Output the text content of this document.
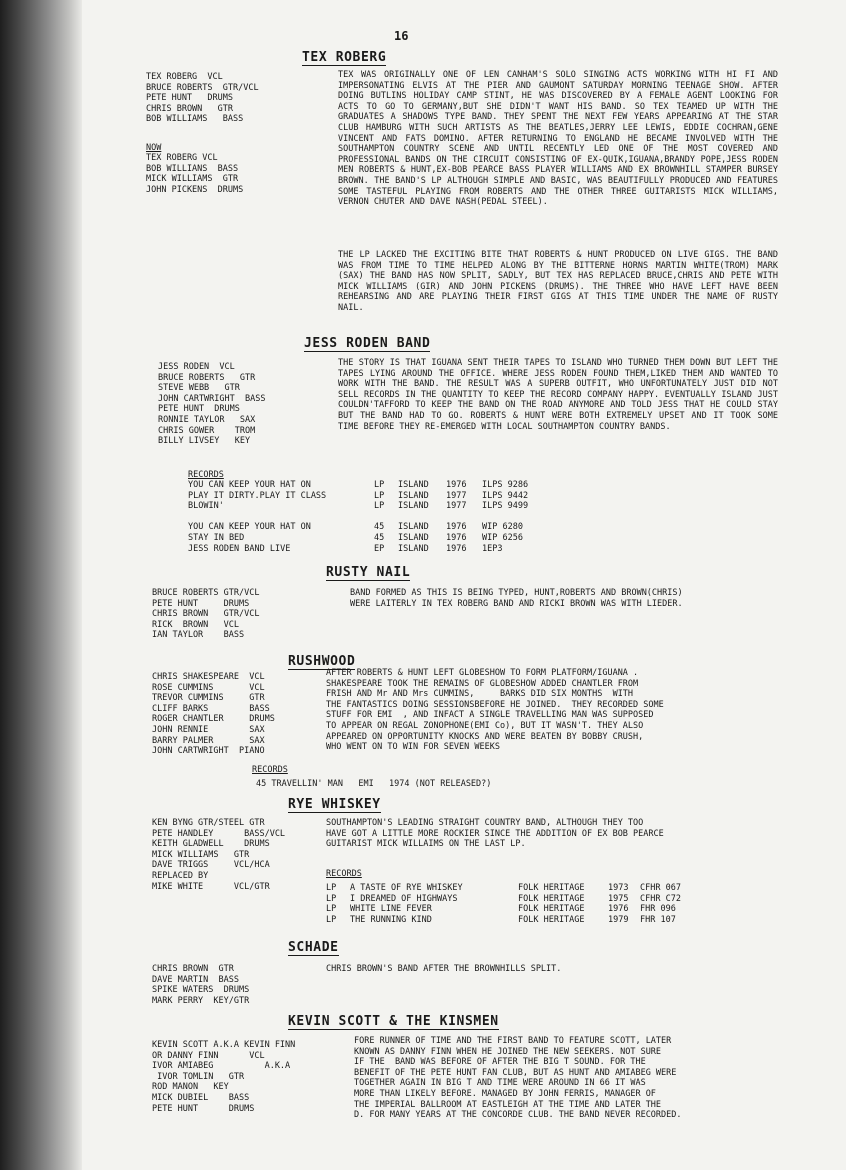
16
TEX ROBERG
TEX ROBERG  VCL
BRUCE ROBERTS  GTR/VCL
PETE HUNT   DRUMS
CHRIS BROWN   GTR
BOB WILLIAMS   BASS
NOW
TEX ROBERG VCL
BOB WILLIANS  BASS
MICK WILLIAMS  GTR
JOHN PICKENS  DRUMS

TEX WAS ORIGINALLY ONE OF LEN CANHAM'S SOLO SINGING ACTS WORKING WITH HI FI AND IMPERSONATING ELVIS AT THE PIER AND GAUMONT SATURDAY MORNING TEENAGE SHOW. AFTER DOING BUTLINS HOLIDAY CAMP STINT, HE WAS DISCOVERED BY A FEMALE AGENT LOOKING FOR ACTS TO GO TO GERMANY,BUT SHE DIDN'T WANT HIS BAND. SO TEX TEAMED UP WITH THE GRADUATES A SHADOWS TYPE BAND. THEY SPENT THE NEXT FEW YEARS APPEARING AT THE STAR CLUB HAMBURG WITH SUCH ARTISTS AS THE BEATLES,JERRY LEE LEWIS, EDDIE COCHRAN,GENE VINCENT AND FATS DOMINO. AFTER RETURNING TO ENGLAND HE BECAME INVOLVED WITH THE SOUTHAMPTON COUNTRY SCENE AND UNTIL RECENTLY LED ONE OF THE MOST COVERED AND PROFESSIONAL BANDS ON THE CIRCUIT CONSISTING OF EX-QUIK,IGUANA,BRANDY POPE,JESS RODEN MEN ROBERTS & HUNT,EX-BOB PEARCE BASS PLAYER WILLIAMS AND EX BROWNHILL STAMPER BURSEY BROWN. THE BAND'S LP ALTHOUGH SIMPLE AND BASIC, WAS BEAUTIFULLY PRODUCED AND FEATURES SOME TASTEFUL PLAYING FROM ROBERTS AND THE OTHER THREE GUITARISTS MICK WILLIAMS, VERNON CHUTER AND DAVE NASH(PEDAL STEEL).

THE LP LACKED THE EXCITING BITE THAT ROBERTS & HUNT PRODUCED ON LIVE GIGS. THE BAND WAS FROM TIME TO TIME HELPED ALONG BY THE BITTERNE HORNS MARTIN WHITE(TROM) MARK (SAX) THE BAND HAS NOW SPLIT, SADLY, BUT TEX HAS REPLACED BRUCE,CHRIS AND PETE WITH MICK WILLIAMS (GIR) AND JOHN PICKENS (DRUMS). THE THREE WHO HAVE LEFT HAVE BEEN REHEARSING AND ARE PLAYING THEIR FIRST GIGS AT THIS TIME UNDER THE NAME OF RUSTY NAIL.

JESS RODEN BAND
JESS RODEN  VCL
BRUCE ROBERTS   GTR
STEVE WEBB   GTR
JOHN CARTWRIGHT  BASS
PETE HUNT  DRUMS
RONNIE TAYLOR   SAX
CHRIS GOWER    TROM
BILLY LIVSEY   KEY

THE STORY IS THAT IGUANA SENT THEIR TAPES TO ISLAND WHO TURNED THEM DOWN BUT LEFT THE TAPES LYING AROUND THE OFFICE. WHERE JESS RODEN FOUND THEM,LIKED THEM AND WANTED TO WORK WITH THE BAND. THE RESULT WAS A SUPERB OUTFIT, WHO UNFORTUNATELY JUST DID NOT SELL RECORDS IN THE QUANTITY TO KEEP THE RECORD COMPANY HAPPY. EVENTUALLY ISLAND JUST COULDN'TAFFORD TO KEEP THE BAND ON THE ROAD ANYMORE AND TOLD JESS THAT HE COULD STAY BUT THE BAND HAD TO GO. ROBERTS & HUNT WERE BOTH EXTREMELY UPSET AND IT TOOK SOME TIME BEFORE THEY RE-EMERGED WITH LOCAL SOUTHAMPTON COUNTRY BANDS.

RECORDS
YOU CAN KEEP YOUR HAT ON	LP	ISLAND	1976	ILPS 9286
PLAY IT DIRTY.PLAY IT CLASS	LP	ISLAND	1977	ILPS 9442
BLOWIN'	LP	ISLAND	1977	ILPS 9499
YOU CAN KEEP YOUR HAT ON	45	ISLAND	1976	WIP 6280
STAY IN BED	45	ISLAND	1976	WIP 6256
JESS RODEN BAND LIVE	EP	ISLAND	1976	1EP3
RUSTY NAIL
BRUCE ROBERTS GTR/VCL
PETE HUNT     DRUMS
CHRIS BROWN   GTR/VCL
RICK  BROWN   VCL
IAN TAYLOR    BASS
BAND FORMED AS THIS IS BEING TYPED, HUNT,ROBERTS AND BROWN(CHRIS)
WERE LAITERLY IN TEX ROBERG BAND AND RICKI BROWN WAS WITH LIEDER.
RUSHWOOD
CHRIS SHAKESPEARE  VCL
ROSE CUMMINS       VCL
TREVOR CUMMINS     GTR
CLIFF BARKS        BASS
ROGER CHANTLER     DRUMS
JOHN RENNIE        SAX
BARRY PALMER       SAX
JOHN CARTWRIGHT  PIANO
AFTER ROBERTS & HUNT LEFT GLOBESHOW TO FORM PLATFORM/IGUANA .
SHAKESPEARE TOOK THE REMAINS OF GLOBESHOW ADDED CHANTLER FROM
FRISH AND Mr AND Mrs CUMMINS,     BARKS DID SIX MONTHS  WITH
THE FANTASTICS DOING SESSIONSBEFORE HE JOINED.  THEY RECORDED SOME
STUFF FOR EMI  , AND INFACT A SINGLE TRAVELLING MAN WAS SUPPOSED
TO APPEAR ON REGAL ZONOPHONE(EMI Co), BUT IT WASN'T. THEY ALSO
APPEARED ON OPPORTUNITY KNOCKS AND WERE BEATEN BY BOBBY CRUSH,
WHO WENT ON TO WIN FOR SEVEN WEEKS
RECORDS
45 TRAVELLIN' MAN   EMI   1974 (NOT RELEASED?)
RYE WHISKEY
KEN BYNG GTR/STEEL GTR
PETE HANDLEY      BASS/VCL
KEITH GLADWELL    DRUMS
MICK WILLIAMS   GTR
DAVE TRIGGS     VCL/HCA
REPLACED BY
MIKE WHITE      VCL/GTR
SOUTHAMPTON'S LEADING STRAIGHT COUNTRY BAND, ALTHOUGH THEY TOO
HAVE GOT A LITTLE MORE ROCKIER SINCE THE ADDITION OF EX BOB PEARCE
GUITARIST MICK WILLAIMS ON THE LAST LP.
RECORDS
LP	A TASTE OF RYE WHISKEY	FOLK HERITAGE	1973	CFHR 067
LP	I DREAMED OF HIGHWAYS	FOLK HERITAGE	1975	CFHR C72
LP	WHITE LINE FEVER	FOLK HERITAGE	1976	FHR 096
LP	THE RUNNING KIND	FOLK HERITAGE	1979	FHR 107
SCHADE
CHRIS BROWN  GTR
DAVE MARTIN  BASS
SPIKE WATERS  DRUMS
MARK PERRY  KEY/GTR
CHRIS BROWN'S BAND AFTER THE BROWNHILLS SPLIT.
KEVIN SCOTT & THE KINSMEN
KEVIN SCOTT A.K.A KEVIN FINN
OR DANNY FINN      VCL
IVOR AMIABEG          A.K.A
IVOR TOMLIN   GTR
ROD MANON   KEY
MICK DUBIEL    BASS
PETE HUNT      DRUMS
FORE RUNNER OF TIME AND THE FIRST BAND TO FEATURE SCOTT, LATER
KNOWN AS DANNY FINN WHEN HE JOINED THE NEW SEEKERS. NOT SURE
IF THE  BAND WAS BEFORE OF AFTER THE BIG T SOUND. FOR THE
BENEFIT OF THE PETE HUNT FAN CLUB, BUT AS HUNT AND AMIABEG WERE
TOGETHER AGAIN IN BIG T AND TIME WERE AROUND IN 66 IT WAS
MORE THAN LIKELY BEFORE. MANAGED BY JOHN FERRIS, MANAGER OF
THE IMPERIAL BALLROOM AT EASTLEIGH AT THE TIME AND LATER THE
D. FOR MANY YEARS AT THE CONCORDE CLUB. THE BAND NEVER RECORDED.
